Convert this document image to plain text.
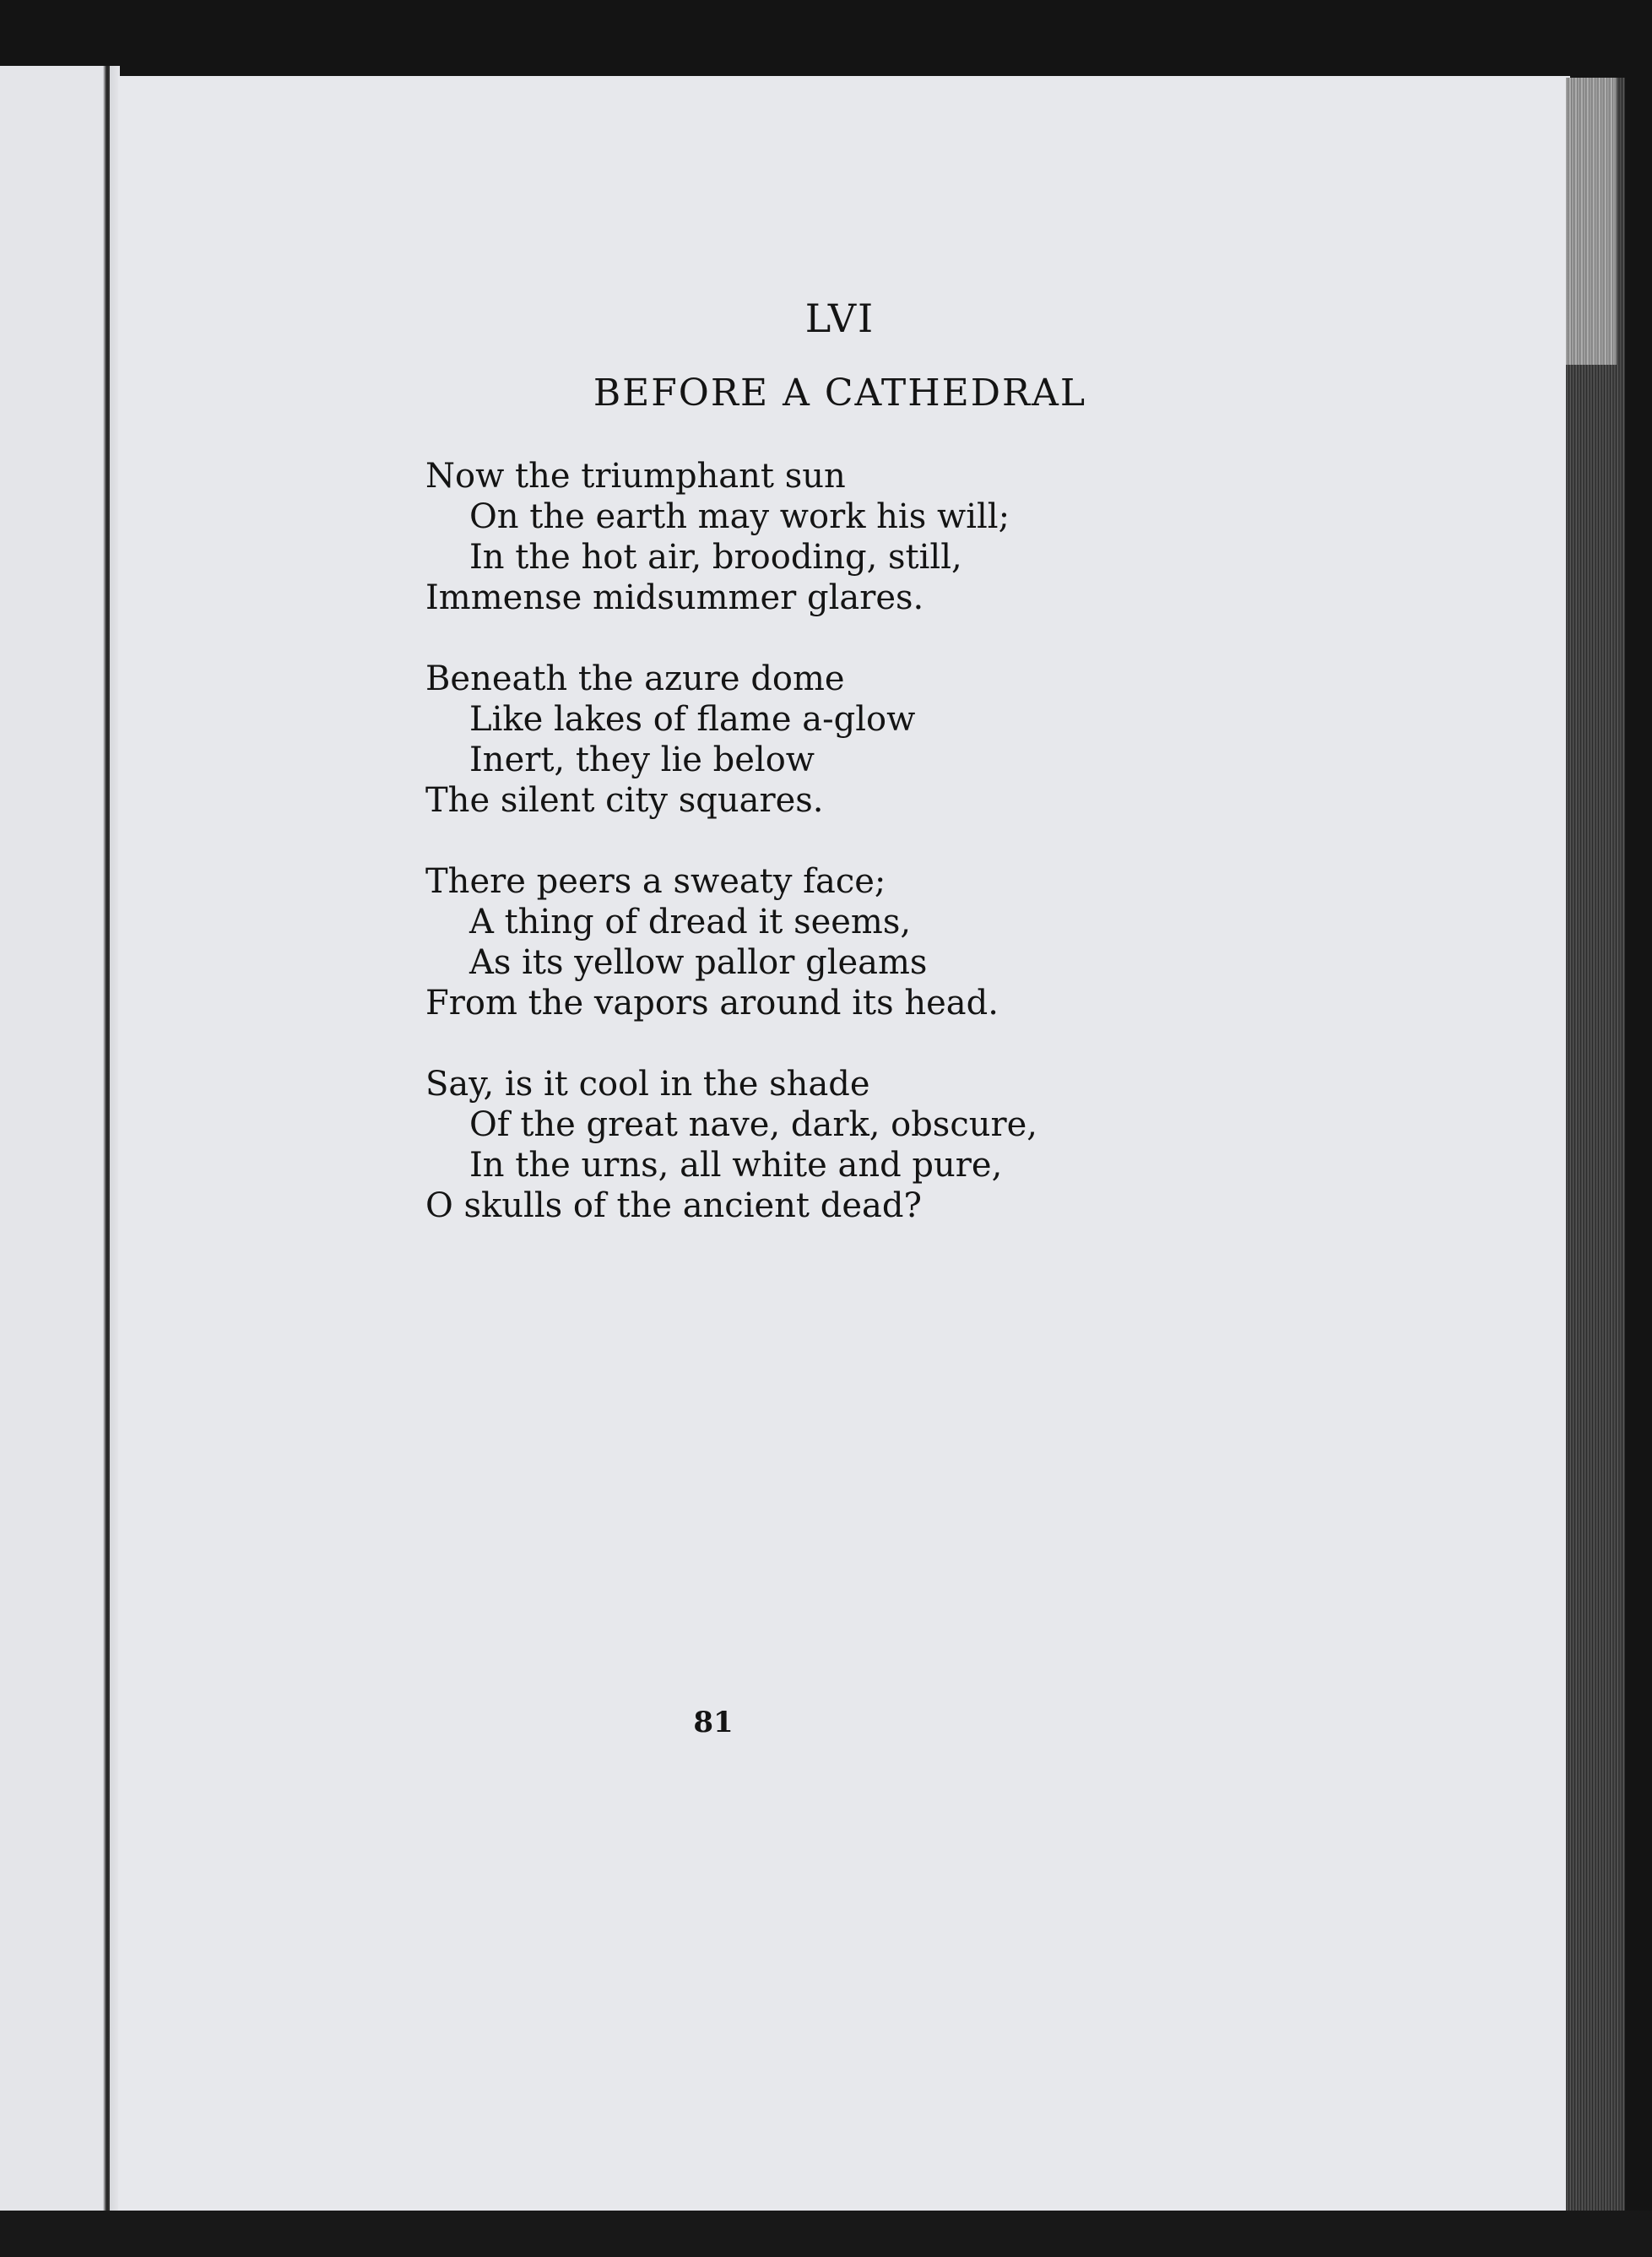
LVI
BEFORE A CATHEDRAL
Now the triumphant sun
On the earth may work his will;
In the hot air, brooding, still,
Immense midsummer glares.
Beneath the azure dome
Like lakes of flame a-glow
Inert, they lie below
The silent city squares.
There peers a sweaty face;
A thing of dread it seems,
As its yellow pallor gleams
From the vapors around its head.
Say, is it cool in the shade
Of the great nave, dark, obscure,
In the urns, all white and pure,
O skulls of the ancient dead?
81
